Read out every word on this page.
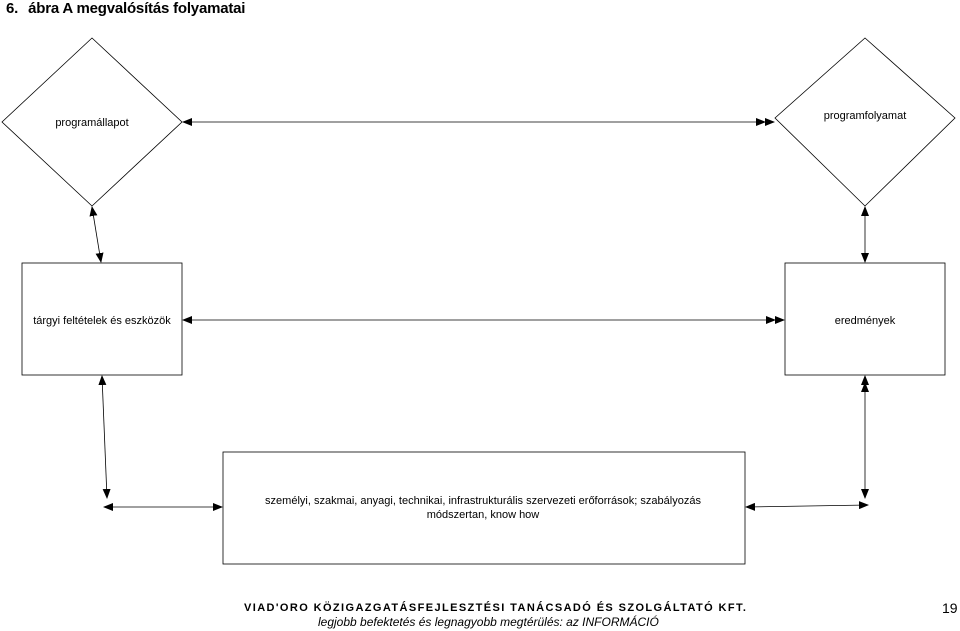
6. ábra A megvalósítás folyamatai
programállapot
programfolyamat
tárgyi feltételek és eszközök	eredmények
személyi, szakmai, anyagi, technikai, infrastrukturális szervezeti erőforrások; szabályozás
módszertan, know how
VIAD'ORO KÖZIGAZGATÁSFEJLESZTÉSI TANÁCSADÓ ÉS SZOLGÁLTATÓ KFT.
legjobb befektetés és legnagyobb megtérülés: az INFORMÁCIÓ
19
